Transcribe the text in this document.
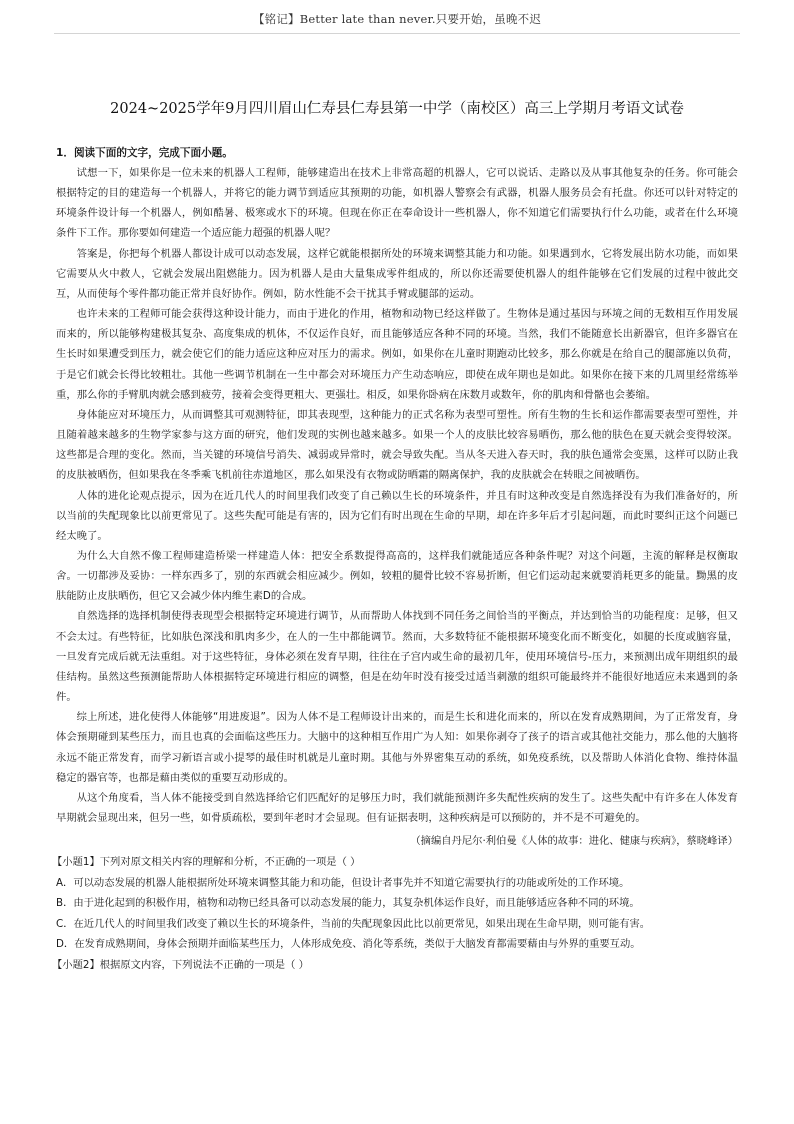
【铭记】Better late than never.只要开始，虽晚不迟
2024~2025学年9月四川眉山仁寿县仁寿县第一中学（南校区）高三上学期月考语文试卷

1．阅读下面的文字，完成下面小题。

试想一下，如果你是一位未来的机器人工程师，能够建造出在技术上非常高超的机器人，它可以说话、走路以及从事其他复杂的任务。你可能会根据特定的目的建造每一个机器人，并将它的能力调节到适应其预期的功能，如机器人警察会有武器，机器人服务员会有托盘。你还可以针对特定的环境条件设计每一个机器人，例如酷暑、极寒或水下的环境。但现在你正在奉命设计一些机器人，你不知道它们需要执行什么功能，或者在什么环境条件下工作。那你要如何建造一个适应能力超强的机器人呢？

答案是，你把每个机器人都设计成可以动态发展，这样它就能根据所处的环境来调整其能力和功能。如果遇到水，它将发展出防水功能，而如果它需要从火中救人，它就会发展出阻燃能力。因为机器人是由大量集成零件组成的，所以你还需要使机器人的组件能够在它们发展的过程中彼此交互，从而使每个零件都功能正常并良好协作。例如，防水性能不会干扰其手臂或腿部的运动。

也许未来的工程师可能会获得这种设计能力，而由于进化的作用，植物和动物已经这样做了。生物体是通过基因与环境之间的无数相互作用发展而来的，所以能够构建极其复杂、高度集成的机体，不仅运作良好，而且能够适应各种不同的环境。当然，我们不能随意长出新器官，但许多器官在生长时如果遭受到压力，就会使它们的能力适应这种应对压力的需求。例如，如果你在儿童时期跑动比较多，那么你就是在给自己的腿部施以负荷，于是它们就会长得比较粗壮。其他一些调节机制在一生中都会对环境压力产生动态响应，即使在成年期也是如此。如果你在接下来的几周里经常练举重，那么你的手臂肌肉就会感到疲劳，接着会变得更粗大、更强壮。相反，如果你卧病在床数月或数年，你的肌肉和骨骼也会萎缩。

身体能应对环境压力，从而调整其可观测特征，即其表现型，这种能力的正式名称为表型可塑性。所有生物的生长和运作都需要表型可塑性，并且随着越来越多的生物学家参与这方面的研究，他们发现的实例也越来越多。如果一个人的皮肤比较容易晒伤，那么他的肤色在夏天就会变得较深。这些都是合理的变化。然而，当关键的环境信号消失、减弱或异常时，就会导致失配。当从冬天进入春天时，我的肤色通常会变黑，这样可以防止我的皮肤被晒伤，但如果我在冬季乘飞机前往赤道地区，那么如果没有衣物或防晒霜的隔离保护，我的皮肤就会在转眼之间被晒伤。

人体的进化论观点提示，因为在近几代人的时间里我们改变了自己赖以生长的环境条件，并且有时这种改变是自然选择没有为我们准备好的，所以当前的失配现象比以前更常见了。这些失配可能是有害的，因为它们有时出现在生命的早期，却在许多年后才引起问题，而此时要纠正这个问题已经太晚了。

为什么大自然不像工程师建造桥梁一样建造人体：把安全系数提得高高的，这样我们就能适应各种条件呢？对这个问题，主流的解释是权衡取舍。一切都涉及妥协：一样东西多了，别的东西就会相应减少。例如，较粗的腿骨比较不容易折断，但它们运动起来就要消耗更多的能量。黝黑的皮肤能防止皮肤晒伤，但它又会减少体内维生素D的合成。

自然选择的选择机制使得表现型会根据特定环境进行调节，从而帮助人体找到不同任务之间恰当的平衡点，并达到恰当的功能程度：足够，但又不会太过。有些特征，比如肤色深浅和肌肉多少，在人的一生中都能调节。然而，大多数特征不能根据环境变化而不断变化，如腿的长度或脑容量，一旦发育完成后就无法重组。对于这些特征，身体必须在发育早期，往往在子宫内或生命的最初几年，使用环境信号-压力，来预测出成年期组织的最佳结构。虽然这些预测能帮助人体根据特定环境进行相应的调整，但是在幼年时没有接受过适当刺激的组织可能最终并不能很好地适应未来遇到的条件。

综上所述，进化使得人体能够“用进废退”。因为人体不是工程师设计出来的，而是生长和进化而来的，所以在发育成熟期间，为了正常发育，身体会预期碰到某些压力，而且也真的会面临这些压力。大脑中的这种相互作用广为人知：如果你剥夺了孩子的语言或其他社交能力，那么他的大脑将永远不能正常发育，而学习新语言或小提琴的最佳时机就是儿童时期。其他与外界密集互动的系统，如免疫系统，以及帮助人体消化食物、维持体温稳定的器官等，也都是藉由类似的重要互动形成的。

从这个角度看，当人体不能接受到自然选择给它们匹配好的足够压力时，我们就能预测许多失配性疾病的发生了。这些失配中有许多在人体发育早期就会显现出来，但另一些，如骨质疏松，要到年老时才会显现。但有证据表明，这种疾病是可以预防的，并不是不可避免的。

（摘编自丹尼尔·利伯曼《人体的故事：进化、健康与疾病》，蔡晓峰译）

【小题1】下列对原文相关内容的理解和分析，不正确的一项是（ ）

A．可以动态发展的机器人能根据所处环境来调整其能力和功能，但设计者事先并不知道它需要执行的功能或所处的工作环境。

B．由于进化起到的积极作用，植物和动物已经具备可以动态发展的能力，其复杂机体运作良好，而且能够适应各种不同的环境。

C．在近几代人的时间里我们改变了赖以生长的环境条件，当前的失配现象因此比以前更常见，如果出现在生命早期，则可能有害。

D．在发育成熟期间，身体会预期并面临某些压力，人体形成免疫、消化等系统，类似于大脑发育都需要藉由与外界的重要互动。

【小题2】根据原文内容，下列说法不正确的一项是（ ）
